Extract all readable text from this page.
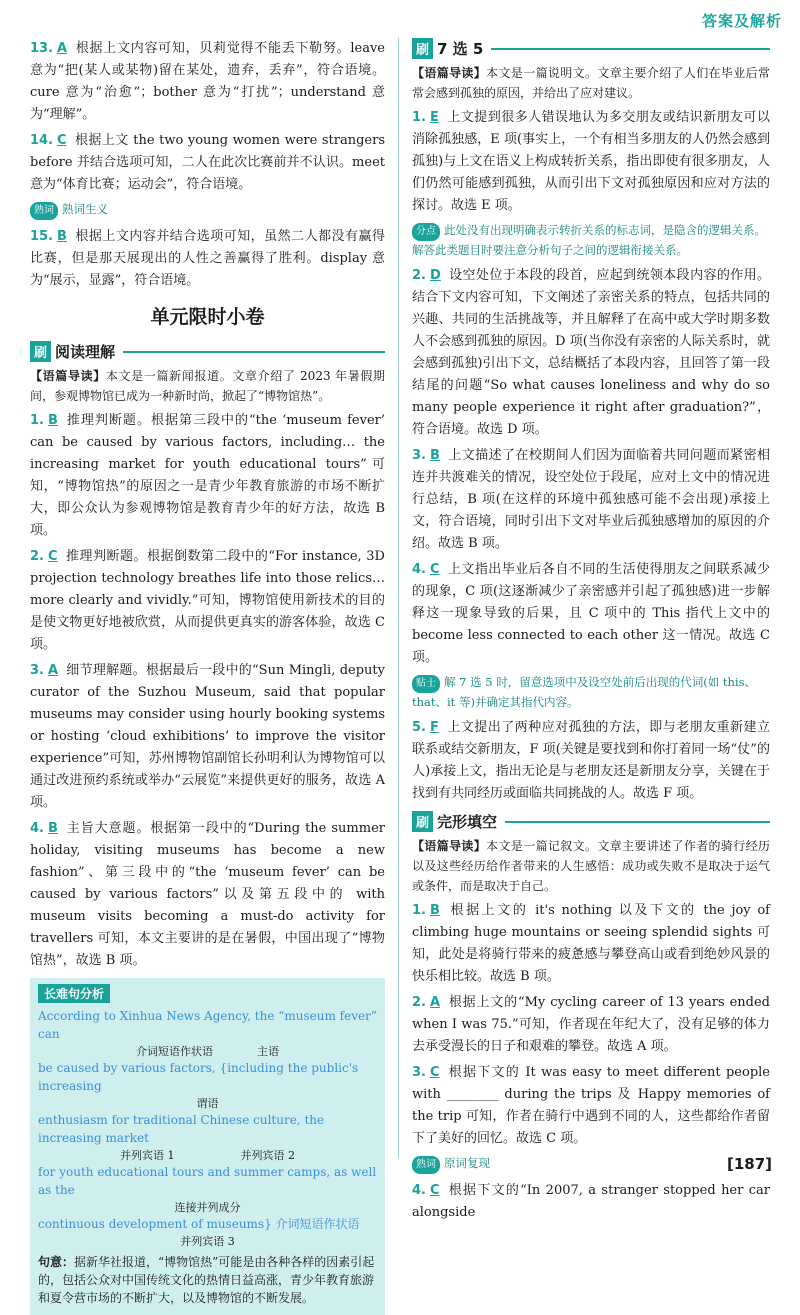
答案及解析
13. A 根据上文内容可知，贝莉觉得不能丢下勒努。leave 意为“把(某人或某物)留在某处，遗弃，丢弃”，符合语境。cure 意为“治愈”；bother 意为“打扰”；understand 意为“理解”。
14. C 根据上文 the two young women were strangers before 并结合选项可知，二人在此次比赛前并不认识。meet 意为“体育比赛；运动会”，符合语境。
熟词 熟词生义
15. B 根据上文内容并结合选项可知，虽然二人都没有赢得比赛，但是那天展现出的人性之善赢得了胜利。display 意为“展示，显露”，符合语境。
单元限时小卷
刷 阅读理解
【语篇导读】本文是一篇新闻报道。文章介绍了 2023 年暑假期间，参观博物馆已成为一种新时尚，掀起了“博物馆热”。
1. B 推理判断题。根据第三段中的“the ‘museum fever’ can be caused by various factors, including… the increasing market for youth educational tours”可知，“博物馆热”的原因之一是青少年教育旅游的市场不断扩大，即公众认为参观博物馆是教育青少年的好方法，故选 B 项。
2. C 推理判断题。根据倒数第二段中的“For instance, 3D projection technology breathes life into those relics… more clearly and vividly.”可知，博物馆使用新技术的目的是使文物更好地被欣赏，从而提供更真实的游客体验，故选 C 项。
3. A 细节理解题。根据最后一段中的“Sun Mingli, deputy curator of the Suzhou Museum, said that popular museums may consider using hourly booking systems or hosting ‘cloud exhibitions’ to improve the visitor experience”可知，苏州博物馆副馆长孙明利认为博物馆可以通过改进预约系统或举办“云展览”来提供更好的服务，故选 A 项。
4. B 主旨大意题。根据第一段中的“During the summer holiday, visiting museums has become a new fashion”、第三段中的“the ‘museum fever’ can be caused by various factors”以及第五段中的 with museum visits becoming a must-do activity for travellers 可知，本文主要讲的是在暑假，中国出现了“博物馆热”，故选 B 项。
长难句分析
According to Xinhua News Agency, the “museum fever” can
介词短语作状语　　　　主语
be caused by various factors, {including the public's increasing
谓语
enthusiasm for traditional Chinese culture, the increasing market
并列宾语 1　　　　　　并列宾语 2
for youth educational tours and summer camps, as well as the
连接并列成分
continuous development of museums} 介词短语作状语
并列宾语 3
句意：据新华社报道，“博物馆热”可能是由各种各样的因素引起的，包括公众对中国传统文化的热情日益高涨，青少年教育旅游和夏令营市场的不断扩大，以及博物馆的不断发展。
刷 7 选 5
【语篇导读】本文是一篇说明文。文章主要介绍了人们在毕业后常常会感到孤独的原因，并给出了应对建议。
1. E 上文提到很多人错误地认为多交朋友或结识新朋友可以消除孤独感，E 项(事实上，一个有相当多朋友的人仍然会感到孤独)与上文在语义上构成转折关系，指出即使有很多朋友，人们仍然可能感到孤独，从而引出下文对孤独原因和应对方法的探讨。故选 E 项。
分点 此处没有出现明确表示转折关系的标志词，是隐含的逻辑关系。解答此类题目时要注意分析句子之间的逻辑衔接关系。
2. D 设空处位于本段的段首，应起到统领本段内容的作用。结合下文内容可知，下文阐述了亲密关系的特点，包括共同的兴趣、共同的生活挑战等，并且解释了在高中或大学时期多数人不会感到孤独的原因。D 项(当你没有亲密的人际关系时，就会感到孤独)引出下文，总结概括了本段内容，且回答了第一段结尾的问题“So what causes loneliness and why do so many people experience it right after graduation?”，符合语境。故选 D 项。
3. B 上文描述了在校期间人们因为面临着共同问题而紧密相连并共渡难关的情况，设空处位于段尾，应对上文中的情况进行总结，B 项(在这样的环境中孤独感可能不会出现)承接上文，符合语境，同时引出下文对毕业后孤独感增加的原因的介绍。故选 B 项。
4. C 上文指出毕业后各自不同的生活使得朋友之间联系减少的现象，C 项(这逐渐减少了亲密感并引起了孤独感)进一步解释这一现象导致的后果，且 C 项中的 This 指代上文中的 become less connected to each other 这一情况。故选 C 项。
贴士 解 7 选 5 时，留意选项中及设空处前后出现的代词(如 this、that、it 等)并确定其指代内容。
5. F 上文提出了两种应对孤独的方法，即与老朋友重新建立联系或结交新朋友，F 项(关键是要找到和你打着同一场“仗”的人)承接上文，指出无论是与老朋友还是新朋友分享，关键在于找到有共同经历或面临共同挑战的人。故选 F 项。
刷 完形填空
【语篇导读】本文是一篇记叙文。文章主要讲述了作者的骑行经历以及这些经历给作者带来的人生感悟：成功或失败不是取决于运气或条件，而是取决于自己。
1. B 根据上文的 it's nothing 以及下文的 the joy of climbing huge mountains or seeing splendid sights 可知，此处是将骑行带来的疲惫感与攀登高山或看到绝妙风景的快乐相比较。故选 B 项。
2. A 根据上文的“My cycling career of 13 years ended when I was 75.”可知，作者现在年纪大了，没有足够的体力去承受漫长的日子和艰难的攀登。故选 A 项。
3. C 根据下文的 It was easy to meet different people with ________ during the trips 及 Happy memories of the trip 可知，作者在骑行中遇到不同的人，这些都给作者留下了美好的回忆。故选 C 项。
熟词 原词复现
4. C 根据下文的“In 2007, a stranger stopped her car alongside
[187]
